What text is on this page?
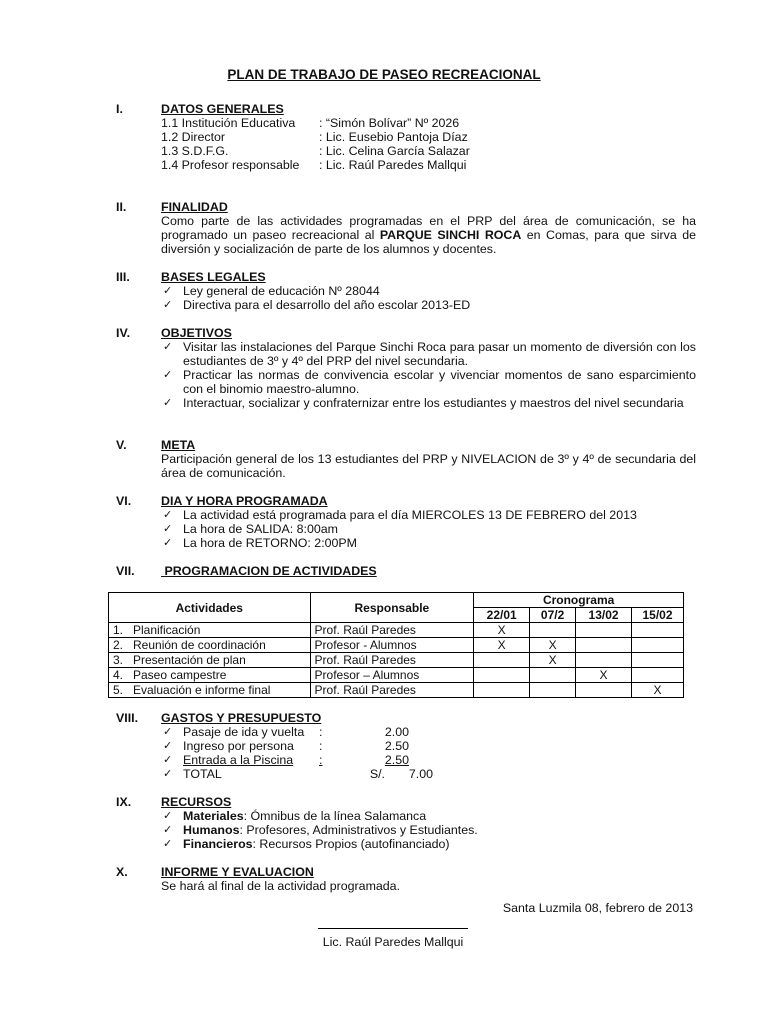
PLAN DE TRABAJO DE PASEO RECREACIONAL
I.	DATOS GENERALES
1.1 Institución Educativa	: “Simón Bolívar” Nº 2026
1.2 Director	: Lic. Eusebio Pantoja Díaz
1.3 S.D.F.G.	: Lic. Celina García Salazar
1.4 Profesor responsable	: Lic. Raúl Paredes Mallqui
II.	FINALIDAD
Como parte de las actividades programadas en el PRP del área de comunicación, se ha programado un paseo recreacional al PARQUE SINCHI ROCA en Comas, para que sirva de diversión y socialización de parte de los alumnos y docentes.
III.	BASES LEGALES
✓ Ley general de educación Nº 28044
✓ Directiva para el desarrollo del año escolar 2013-ED
IV. OBJETIVOS
✓ Visitar las instalaciones del Parque Sinchi Roca para pasar un momento de diversión con los estudiantes de 3º y 4º del PRP del nivel secundaria.
✓ Practicar las normas de convivencia escolar y vivenciar momentos de sano esparcimiento con el binomio maestro-alumno.
✓ Interactuar, socializar y confraternizar entre los estudiantes y maestros del nivel secundaria
V.	META
Participación general de los 13 estudiantes del PRP y NIVELACION de 3º y 4º de secundaria del área de comunicación.
VI. DIA Y HORA PROGRAMADA
✓ La actividad está programada para el día MIERCOLES 13 DE FEBRERO del 2013
✓ La hora de SALIDA: 8:00am
✓ La hora de RETORNO: 2:00PM
VII. PROGRAMACION DE ACTIVIDADES
Actividades	Responsable	Cronograma			
		22/01	07/2	13/02	15/02
1. Planificación	Prof. Raúl Paredes	X			
2. Reunión de coordinación	Profesor - Alumnos	X	X		
3. Presentación de plan	Prof. Raúl Paredes		X		
4. Paseo campestre	Profesor – Alumnos			X	
5. Evaluación e informe final	Prof. Raúl Paredes				X
VIII. GASTOS Y PRESUPUESTO
✓ Pasaje de ida y vuelta	:	2.00
✓ Ingreso por persona	:	2.50
✓ Entrada a la Piscina	:	2.50
✓ TOTAL	S/.	7.00
IX. RECURSOS
✓ Materiales: Ómnibus de la línea Salamanca
✓ Humanos: Profesores, Administrativos y Estudiantes.
✓ Financieros: Recursos Propios (autofinanciado)
X.	INFORME Y EVALUACION
Se hará al final de la actividad programada.
Santa Luzmila 08, febrero de 2013
Lic. Raúl Paredes Mallqui
